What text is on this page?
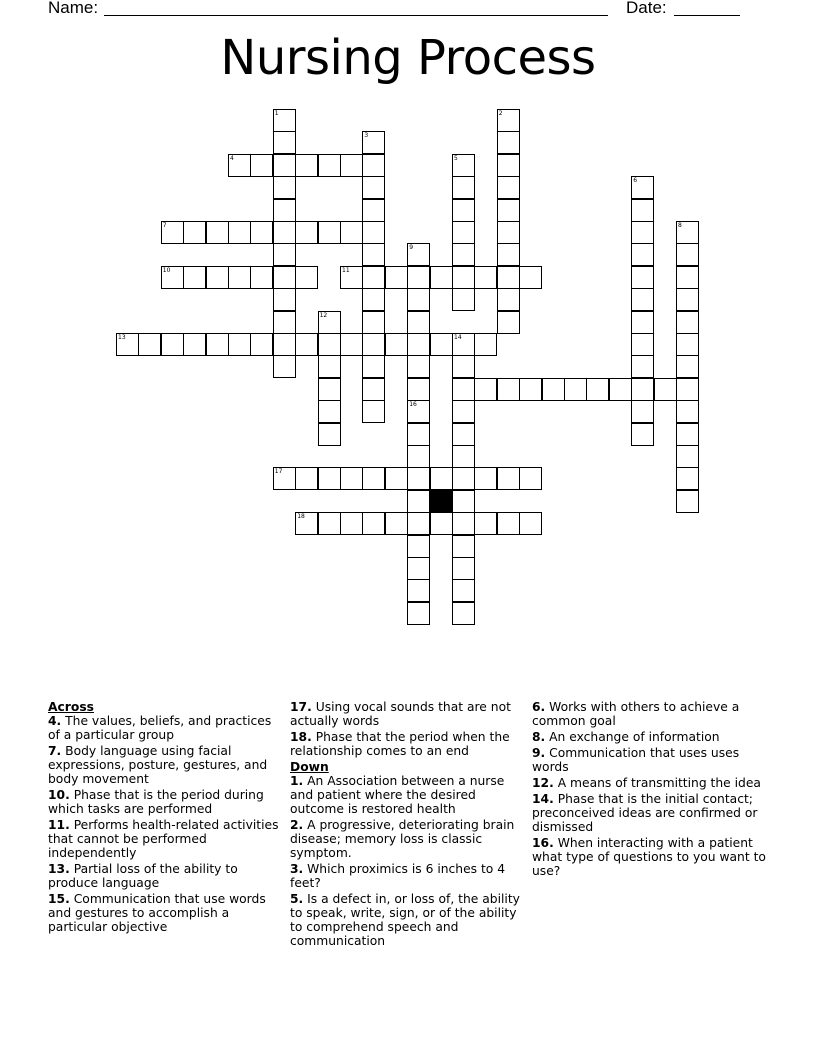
Name:	Date:
Nursing Process
1	2
3
4	5
6
7	8
9
10	11
12
13	14
16
17
18

Across

4. The values, beliefs, and practices of a particular group

7. Body language using facial expressions, posture, gestures, and body movement

10. Phase that is the period during which tasks are performed

11. Performs health-related activities that cannot be performed independently

13. Partial loss of the ability to produce language

15. Communication that use words and gestures to accomplish a particular objective

17. Using vocal sounds that are not actually words

18. Phase that the period when the relationship comes to an end

Down

1. An Association between a nurse and patient where the desired outcome is restored health

2. A progressive, deteriorating brain disease; memory loss is classic symptom.

3. Which proximics is 6 inches to 4 feet?

5. Is a defect in, or loss of, the ability to speak, write, sign, or of the ability to comprehend speech and communication

6. Works with others to achieve a common goal

8. An exchange of information

9. Communication that uses uses words

12. A means of transmitting the idea

14. Phase that is the initial contact; preconceived ideas are confirmed or dismissed

16. When interacting with a patient what type of questions to you want to use?
